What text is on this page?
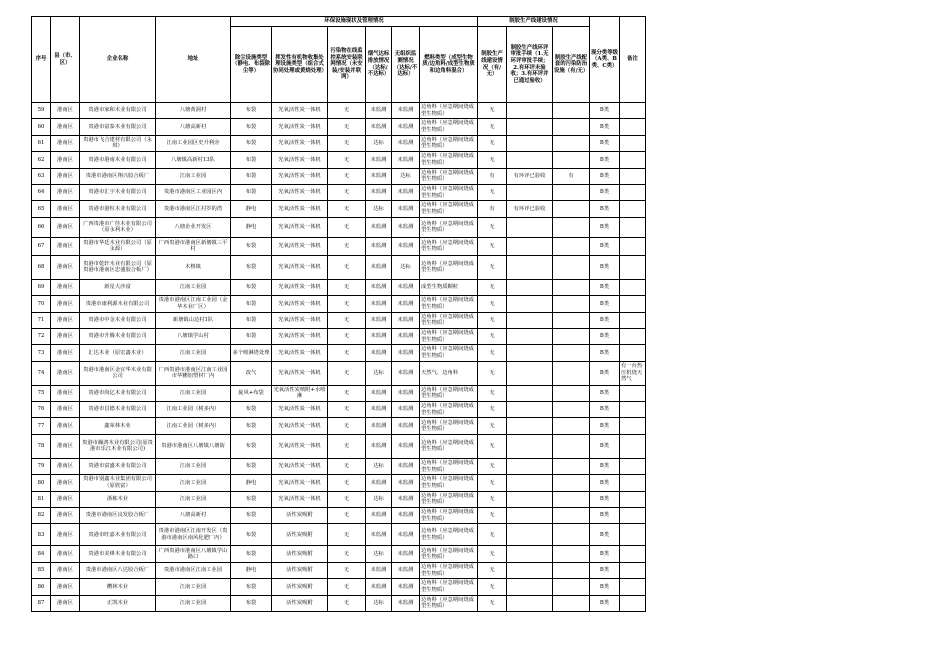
序号	县（市、区）	企业名称	地址	环保设施现状及管理情况						制胶生产线建设情况			现分类等级（A类、B类、C类）	备注
				除尘设施类型（静电、布袋除尘等）	挥发性有机物收集处理设施类型（组合式协同处理或黄烧处理）	污染物在线监控系统安装联网情况（未安装/安装并联网）	烟气达标排放情况（达标/不达标）	无组织监测情况（达标/不达标）	燃料类型（成型生物质/边角料/成型生物质和边角料混合）	制胶生产线建设情况（有/无）	制胶生产线环评审批手续（1.无环评审批手续；2.有环评未验收；3.有环评并已通过验收）	制胶生产线配套的污染防治设施（有/无）		
59	港南区	贵港市家和木业有限公司	八塘黄洞村	布袋	光氧活性炭一体机	无	未监测	未监测	边角料（应急期间烧成型生物质）	无			B类	
60	港南区	贵港市富泰木业有限公司	八塘高新村	布袋	光氧活性炭一体机	无	未监测	未监测	边角料（应急期间烧成型生物质）	无			B类	
61	港南区	贵港市飞合建材有限公司（永琪）	江南工业园区史升利旁	布袋	光氧活性炭一体机	无	达标	未监测	边角料（应急期间烧成型生物质）	无			B类	
62	港南区	贵港市港南木业有限公司	八塘镇高新村13队	布袋	光氧活性炭一体机	无	未监测	未监测	边角料（应急期间烧成型生物质）	无			B类	
63	港南区	贵港市港南区翔兴胶合板厂	江南工业园	布袋	光氧活性炭一体机	无	未监测	达标	边角料（应急期间烧成型生物质）	有	有环评已验收	有	B类	
64	港南区	贵港市汇宇木业有限公司	贵港市港南区工业园区内	布袋	光氧活性炭一体机	无	未监测	未监测	边角料（应急期间烧成型生物质）	无			B类	
65	港南区	贵港市港恒木业有限公司	贵港市港南区江村岁的湾	静电	光氧活性炭一体机	无	达标	未监测	边角料（应急期间烧成型生物质）	有	有环评已验收		B类	
66	港南区	广西贵港市广佳木业有限公司（原永利木业）	八塘企业开发区	静电	光氧活性炭一体机	无	未监测	未监测	边角料（应急期间烧成型生物质）	无			B类	
67	港南区	贵港市华廷木业有限公司（原永源）	广西贵港市港南区新塘镇三平村	布袋	光氧活性炭一体机	无	未监测	未监测	边角料（应急期间烧成型生物质）	无			B类	
68	港南区	贵港市乾轩木业有限公司（原贵港市港南区忠盛胶合板厂）	木格镇	布袋	光氧活性炭一体机	无	未监测	达标	边角料（应急期间烧成型生物质）	无			B类	
69	港南区	新星大沙富	江南工业园	布袋	光氧活性炭一体机	无	未监测	未监测	成型生物质颗粒	无			B类	
70	港南区	贵港市康利源木业有限公司	贵港市港南区江南工业园（金华木业厂区）	布袋	光氧活性炭一体机	无	未监测	未监测	边角料（应急期间烧成型生物质）	无			B类	
71	港南区	贵港市中金木业有限公司	新塘镇山边村1队	布袋	光氧活性炭一体机	无	未监测	未监测	边角料（应急期间烧成型生物质）	无			B类	
72	港南区	贵港市升腾木业有限公司	八塘镇学山村	布袋	光氧活性炭一体机	无	未监测	未监测	边角料（应急期间烧成型生物质）	无			B类	
73	港南区	汇达木业（原宏鑫木业）	江南工业园	多个喷淋塔处理	光氧活性炭一体机	无	未监测	未监测	边角料（应急期间烧成型生物质）	无			B类	
74	港南区	贵港市港南区金宜华木业有限公司	广西贵港市港南区江南工业园市华鹏铝塑材厂内	改气	光氧活性炭一体机	无	达标	未监测	天然气、边角料	无			B类	有一台热压机烧天然气
75	港南区	贵港市尚亿木业有限公司	江南工业园	旋风+布袋	光氧活性炭喷附+水喷淋	无	未监测	未监测	边角料（应急期间烧成型生物质）	无			B类	
76	港南区	贵港市昌德木业有限公司	江南工业园（树多内）	布袋	光氧活性炭一体机	无	未监测	未监测	边角料（应急期间烧成型生物质）	无			B类	
77	港南区	鑫荣林木业	江南工业园（树多内）	布袋	光氧活性炭一体机	无	未监测	未监测	边角料（应急期间烧成型生物质）	无			B类	
78	港南区	贵港市瀚鸿木业有限公司(原贵港市乐江木业有限公司)	贵港市港南区八塘镇八塘街	布袋	光氧活性炭一体机	无	未监测	未监测	边角料（应急期间烧成型生物质）	无			B类	
79	港南区	贵港市富盛木业有限公司	江南工业园	布袋	光氧活性炭一体机	无	达标	未监测	边角料（应急期间烧成型生物质）	无			B类	
80	港南区	贵港市别鑫木业集团有限公司（原欣富）	江南工业园	静电	光氧活性炭一体机	无	未监测	未监测	边角料（应急期间烧成型生物质）	无			B类	
81	港南区	浙栋木业	江南工业园	布袋	光氧活性炭一体机	无	达标	未监测	边角料（应急期间烧成型生物质）	无			B类	
82	港南区	贵港市港南区良发胶合板厂	八塘高新村	布袋	活性炭吸附	无	未监测	未监测	边角料（应急期间烧成型生物质）	无			B类	
83	港南区	贵港市旺嘉木业有限公司	贵港市港南区江南开发区（贵港市港南区南风化肥厂内）	布袋	活性炭吸附	无	未监测	未监测	边角料（应急期间烧成型生物质）	无			B类	
84	港南区	贵港市美烽木业有限公司	广西贵港市港南区八塘镇学山路口	布袋	活性炭吸附	无	达标	未监测	边角料（应急期间烧成型生物质）	无			B类	
85	港南区	贵港市港南区八达胶合板厂	贵港市港南区江南工业园	静电	活性炭吸附	无	未监测	未监测	边角料（应急期间烧成型生物质）	无			B类	
86	港南区	糟林木业	江南工业园	布袋	活性炭吸附	无	未监测	未监测	边角料（应急期间烧成型生物质）	无			B类	
87	港南区	正凯木业	江南工业园	布袋	活性炭吸附	无	达标	未监测	边角料（应急期间烧成型生物质）	无			B类	
